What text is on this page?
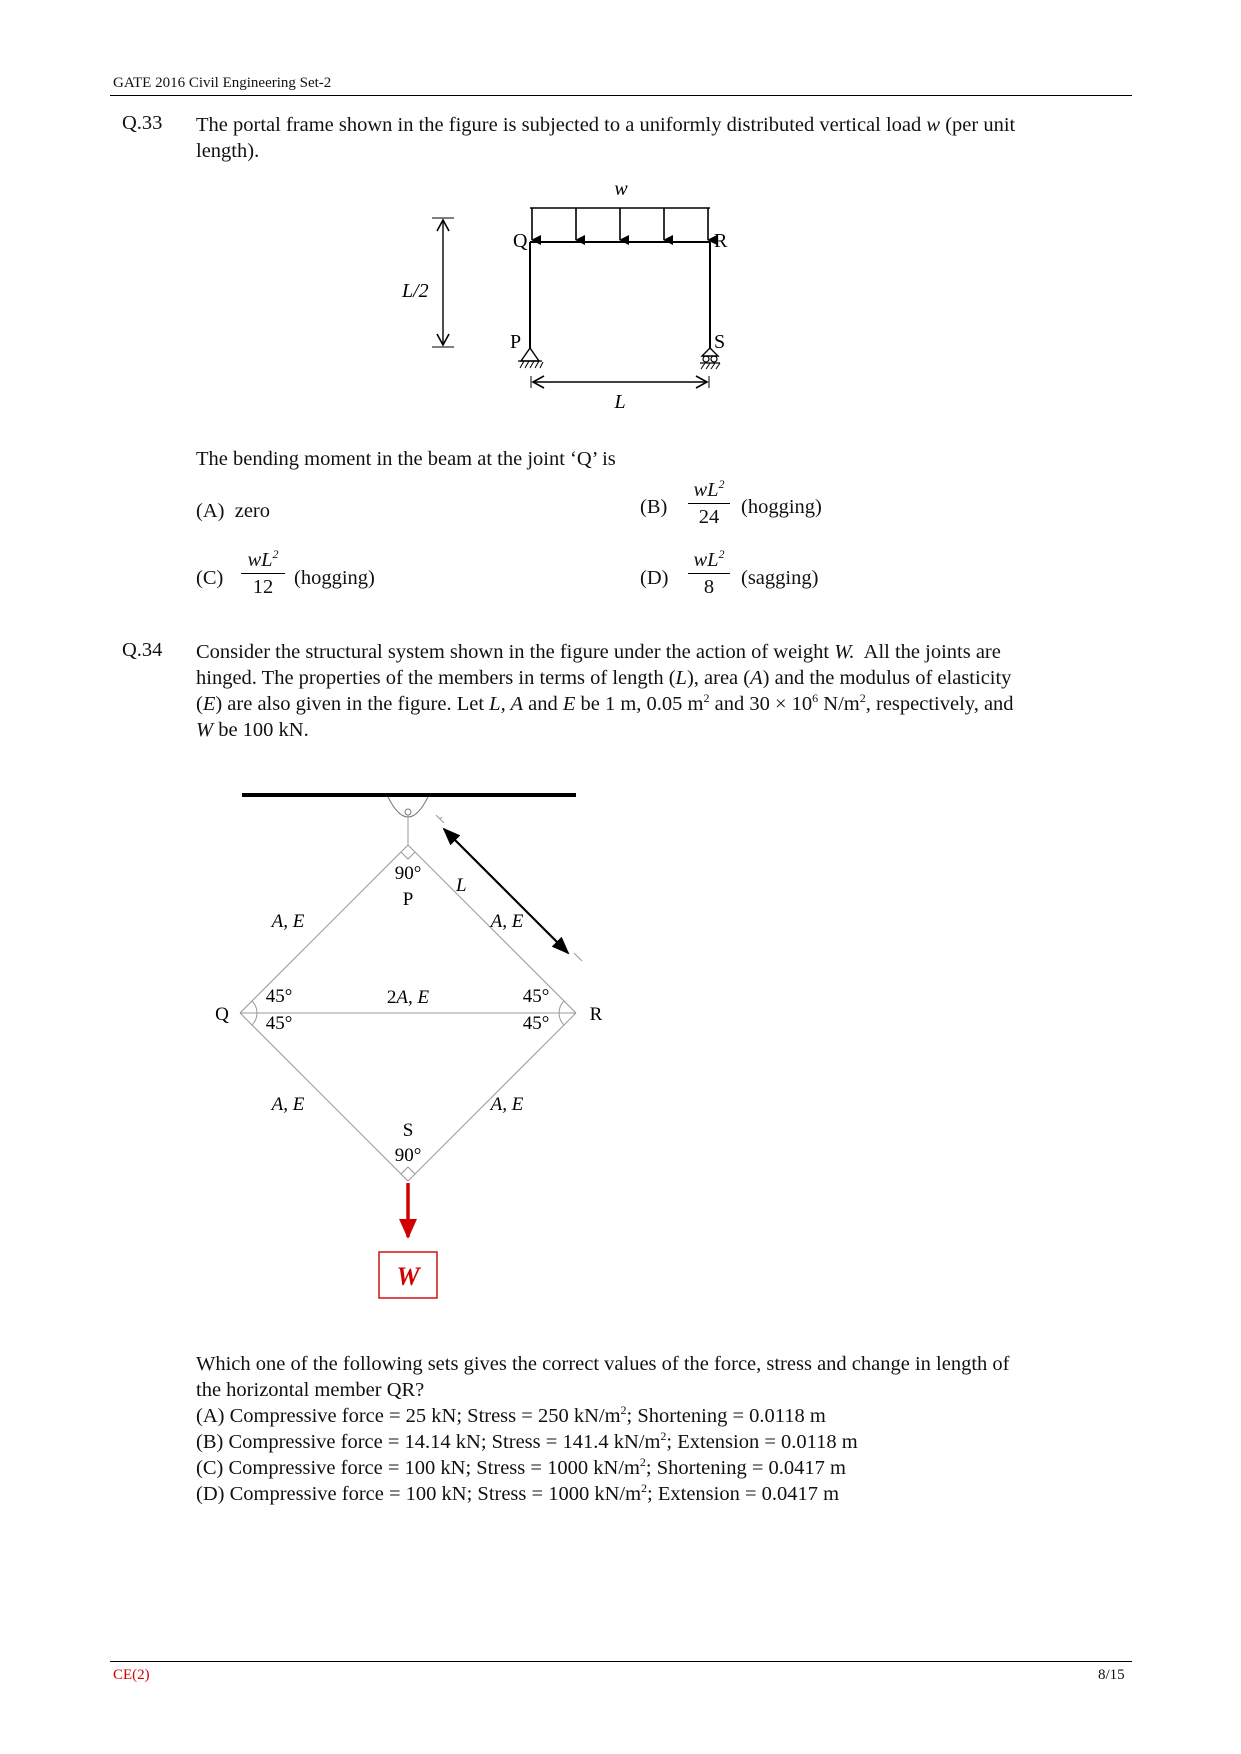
GATE 2016 Civil Engineering Set-2
Q.33 The portal frame shown in the figure is subjected to a uniformly distributed vertical load w (per unit
length).
w
Q	R
P	S
L/2
L
The bending moment in the beam at the joint ‘Q’ is
(A) zero	$(B) \frac{wL^2}{24}$ (hogging)
$(C) \frac{wL^2}{12}$ (hogging)	$(D) \frac{wL^2}{8}$ (sagging)
Q.34 Consider the structural system shown in the figure under the action of weight W. All the joints are
hinged. The properties of the members in terms of length (L), area (A) and the modulus of elasticity
(E) are also given in the figure. Let L, A and E be 1 m, 0.05 $m^2$ and $30 \times 10^6$ $N/m^2$, respectively, and
W be 100 kN.
L
90°
P
A, E	A, E
Q	R
45°
45°
45°
45°
2A, E
A, E	A, E
S
90°
W
Which one of the following sets gives the correct values of the force, stress and change in length of
the horizontal member QR?
(A) Compressive force = 25 kN; Stress = 250 $kN/m^2$; Shortening = 0.0118 m
(B) Compressive force = 14.14 kN; Stress = 141.4 $kN/m^2$; Extension = 0.0118 m
(C) Compressive force = 100 kN; Stress = 1000 $kN/m^2$; Shortening = 0.0417 m
(D) Compressive force = 100 kN; Stress = 1000 $kN/m^2$; Extension = 0.0417 m
CE(2)	8/15
